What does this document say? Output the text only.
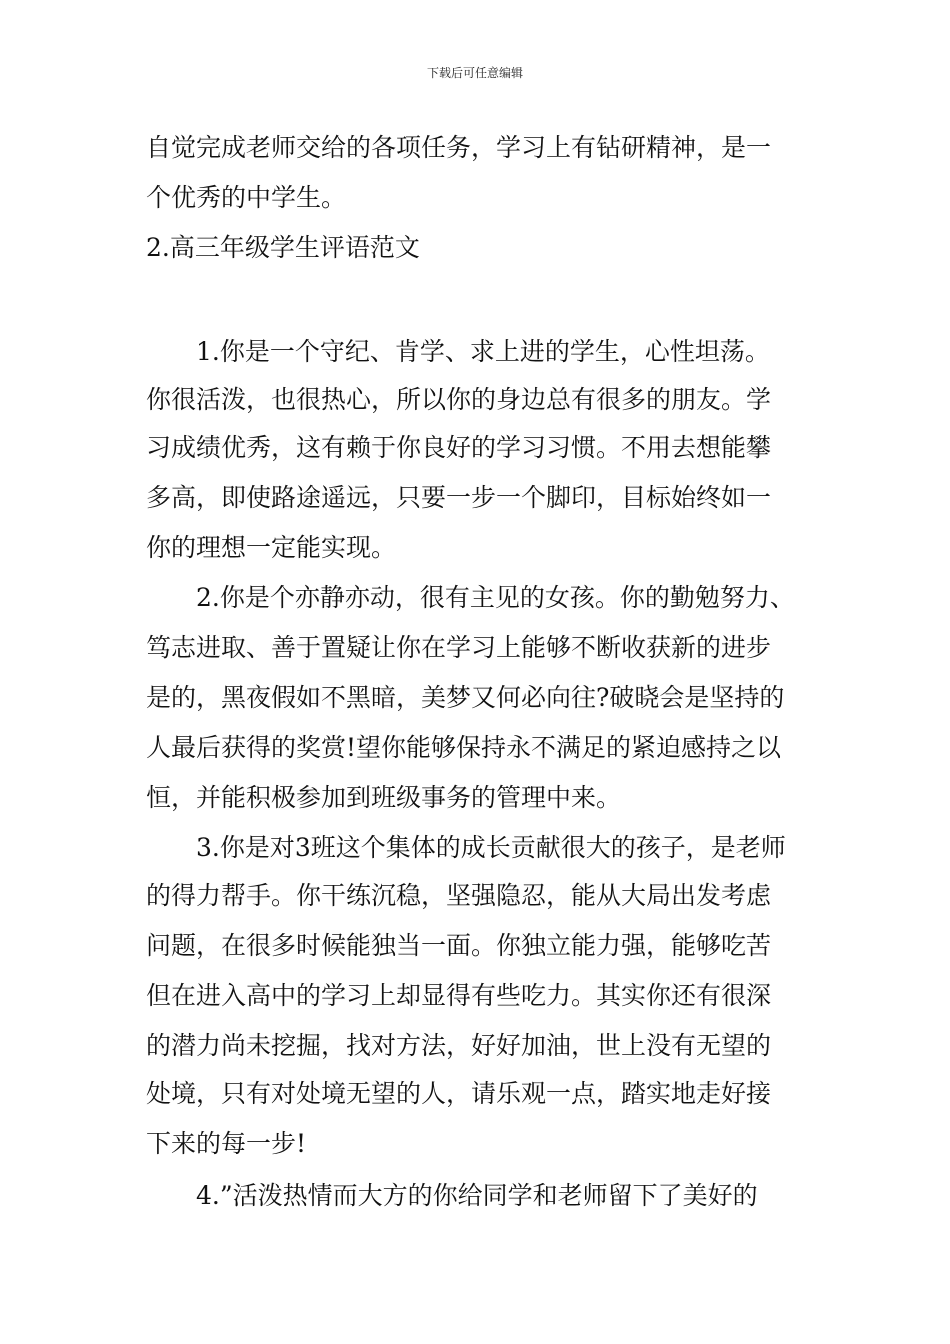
下载后可任意编辑
自觉完成老师交给的各项任务，学习上有钻研精神，是一
个优秀的中学生。
2.高三年级学生评语范文
1.你是一个守纪、肯学、求上进的学生，心性坦荡。
你很活泼，也很热心，所以你的身边总有很多的朋友。学
习成绩优秀，这有赖于你良好的学习习惯。不用去想能攀
多高，即使路途遥远，只要一步一个脚印，目标始终如一
你的理想一定能实现。
2.你是个亦静亦动，很有主见的女孩。你的勤勉努力、
笃志进取、善于置疑让你在学习上能够不断收获新的进步
是的，黑夜假如不黑暗，美梦又何必向往?破晓会是坚持的
人最后获得的奖赏!望你能够保持永不满足的紧迫感持之以
恒，并能积极参加到班级事务的管理中来。
3.你是对3班这个集体的成长贡献很大的孩子，是老师
的得力帮手。你干练沉稳，坚强隐忍，能从大局出发考虑
问题，在很多时候能独当一面。你独立能力强，能够吃苦
但在进入高中的学习上却显得有些吃力。其实你还有很深
的潜力尚未挖掘，找对方法，好好加油，世上没有无望的
处境，只有对处境无望的人，请乐观一点，踏实地走好接
下来的每一步!
4.”活泼热情而大方的你给同学和老师留下了美好的
